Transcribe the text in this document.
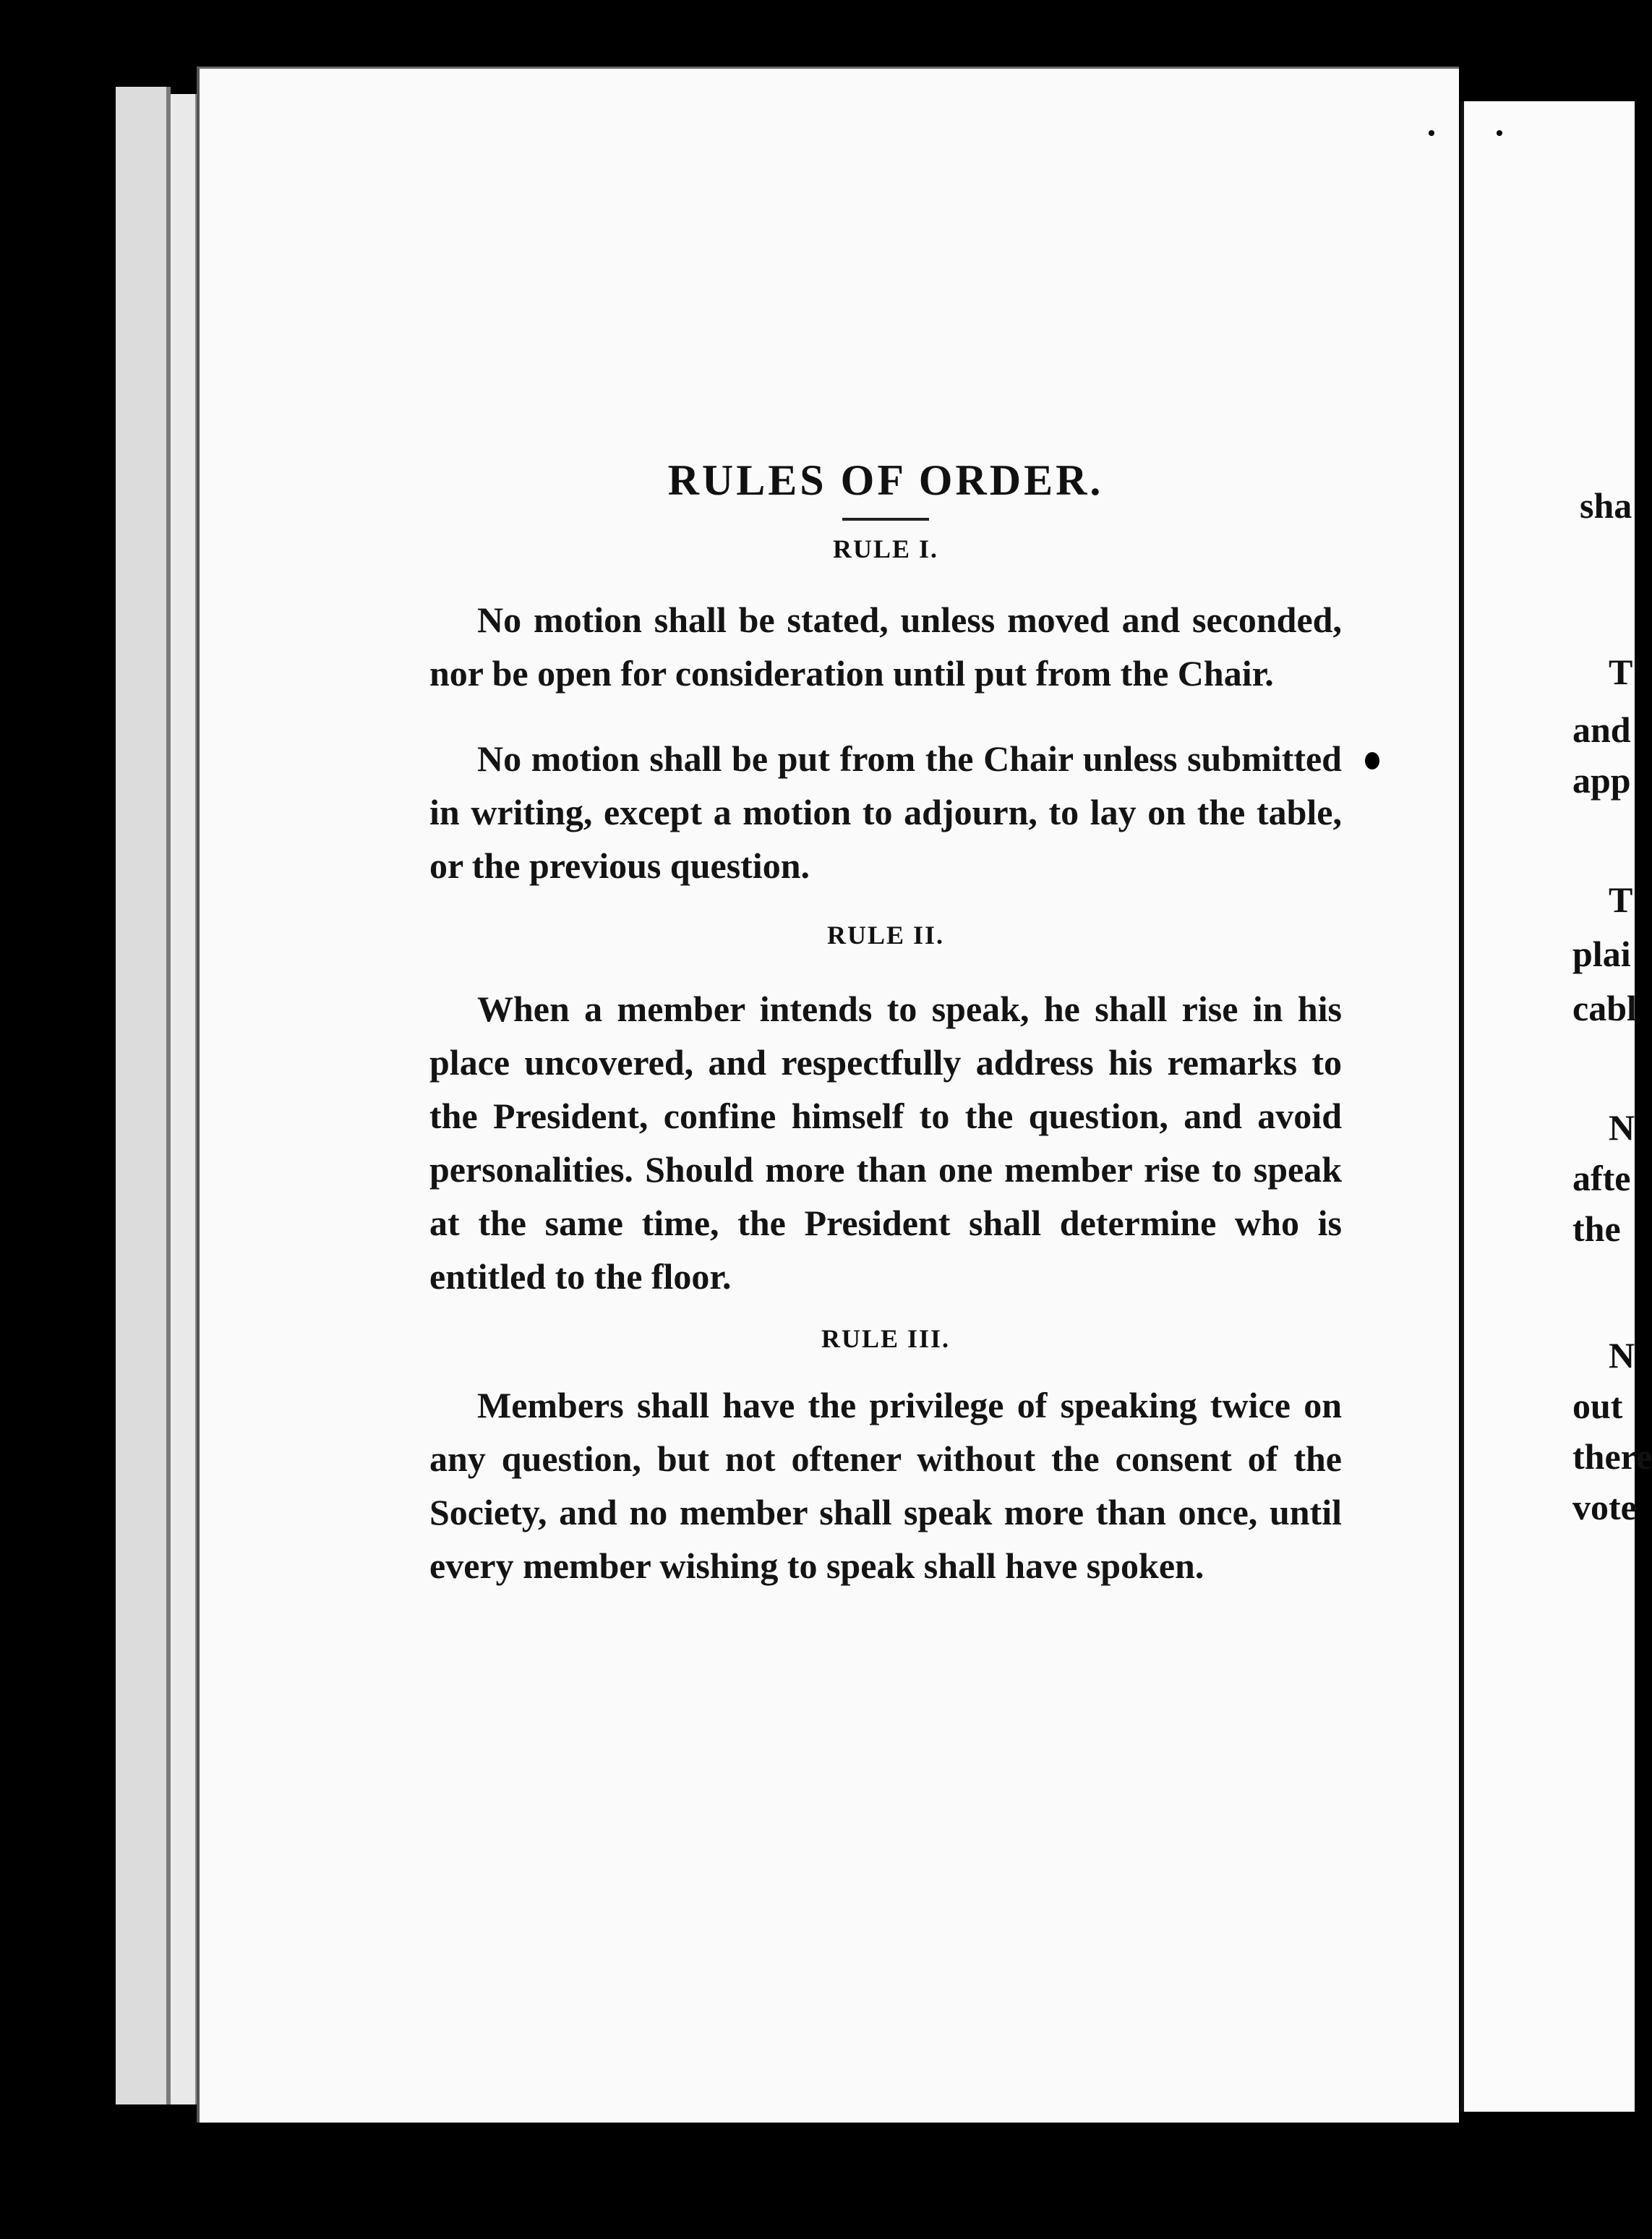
sha
T
and
app
T
plai
cabl
N
afte
the
N
out
there
vote
RULES OF ORDER.
RULE I.

No motion shall be stated, unless moved and seconded, nor be open for consideration until put from the Chair.

No motion shall be put from the Chair unless submitted in writing, except a motion to adjourn, to lay on the table, or the previous question.

RULE II.

When a member intends to speak, he shall rise in his place uncovered, and respectfully address his remarks to the President, confine himself to the question, and avoid personalities. Should more than one member rise to speak at the same time, the President shall determine who is entitled to the floor.

RULE III.

Members shall have the privilege of speaking twice on any question, but not oftener without the consent of the Society, and no member shall speak more than once, until every member wishing to speak shall have spoken.
